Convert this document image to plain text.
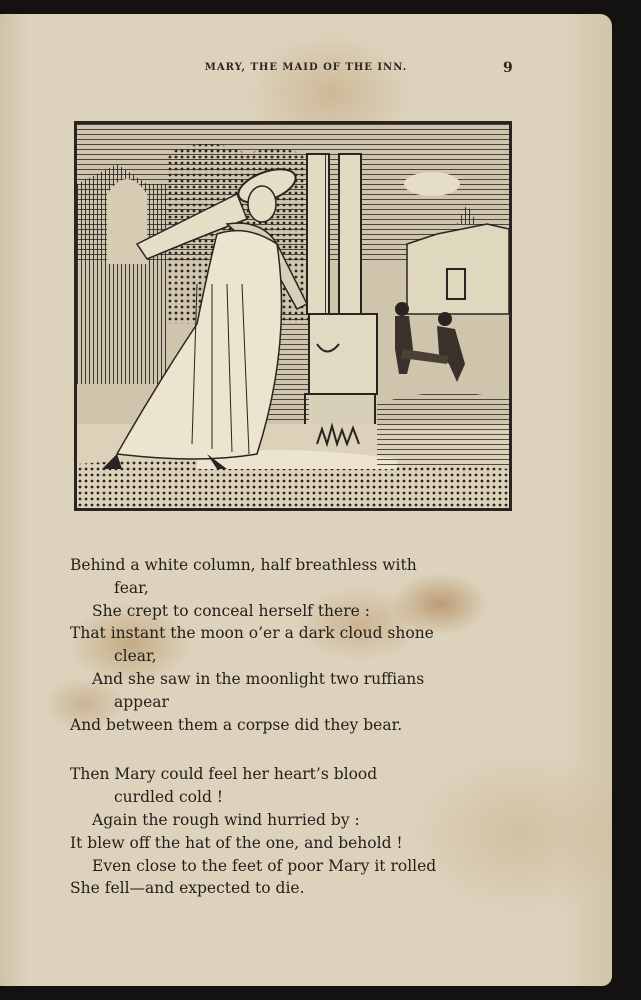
MARY, THE MAID OF THE INN.	9
Behind a white column, half breathless with
fear,
She crept to conceal herself there :
That instant the moon o’er a dark cloud shone
clear,
And she saw in the moonlight two ruffians
appear
And between them a corpse did they bear.
Then Mary could feel her heart’s blood
curdled cold !
Again the rough wind hurried by :
It blew off the hat of the one, and behold !
Even close to the feet of poor Mary it rolled
She fell—and expected to die.
